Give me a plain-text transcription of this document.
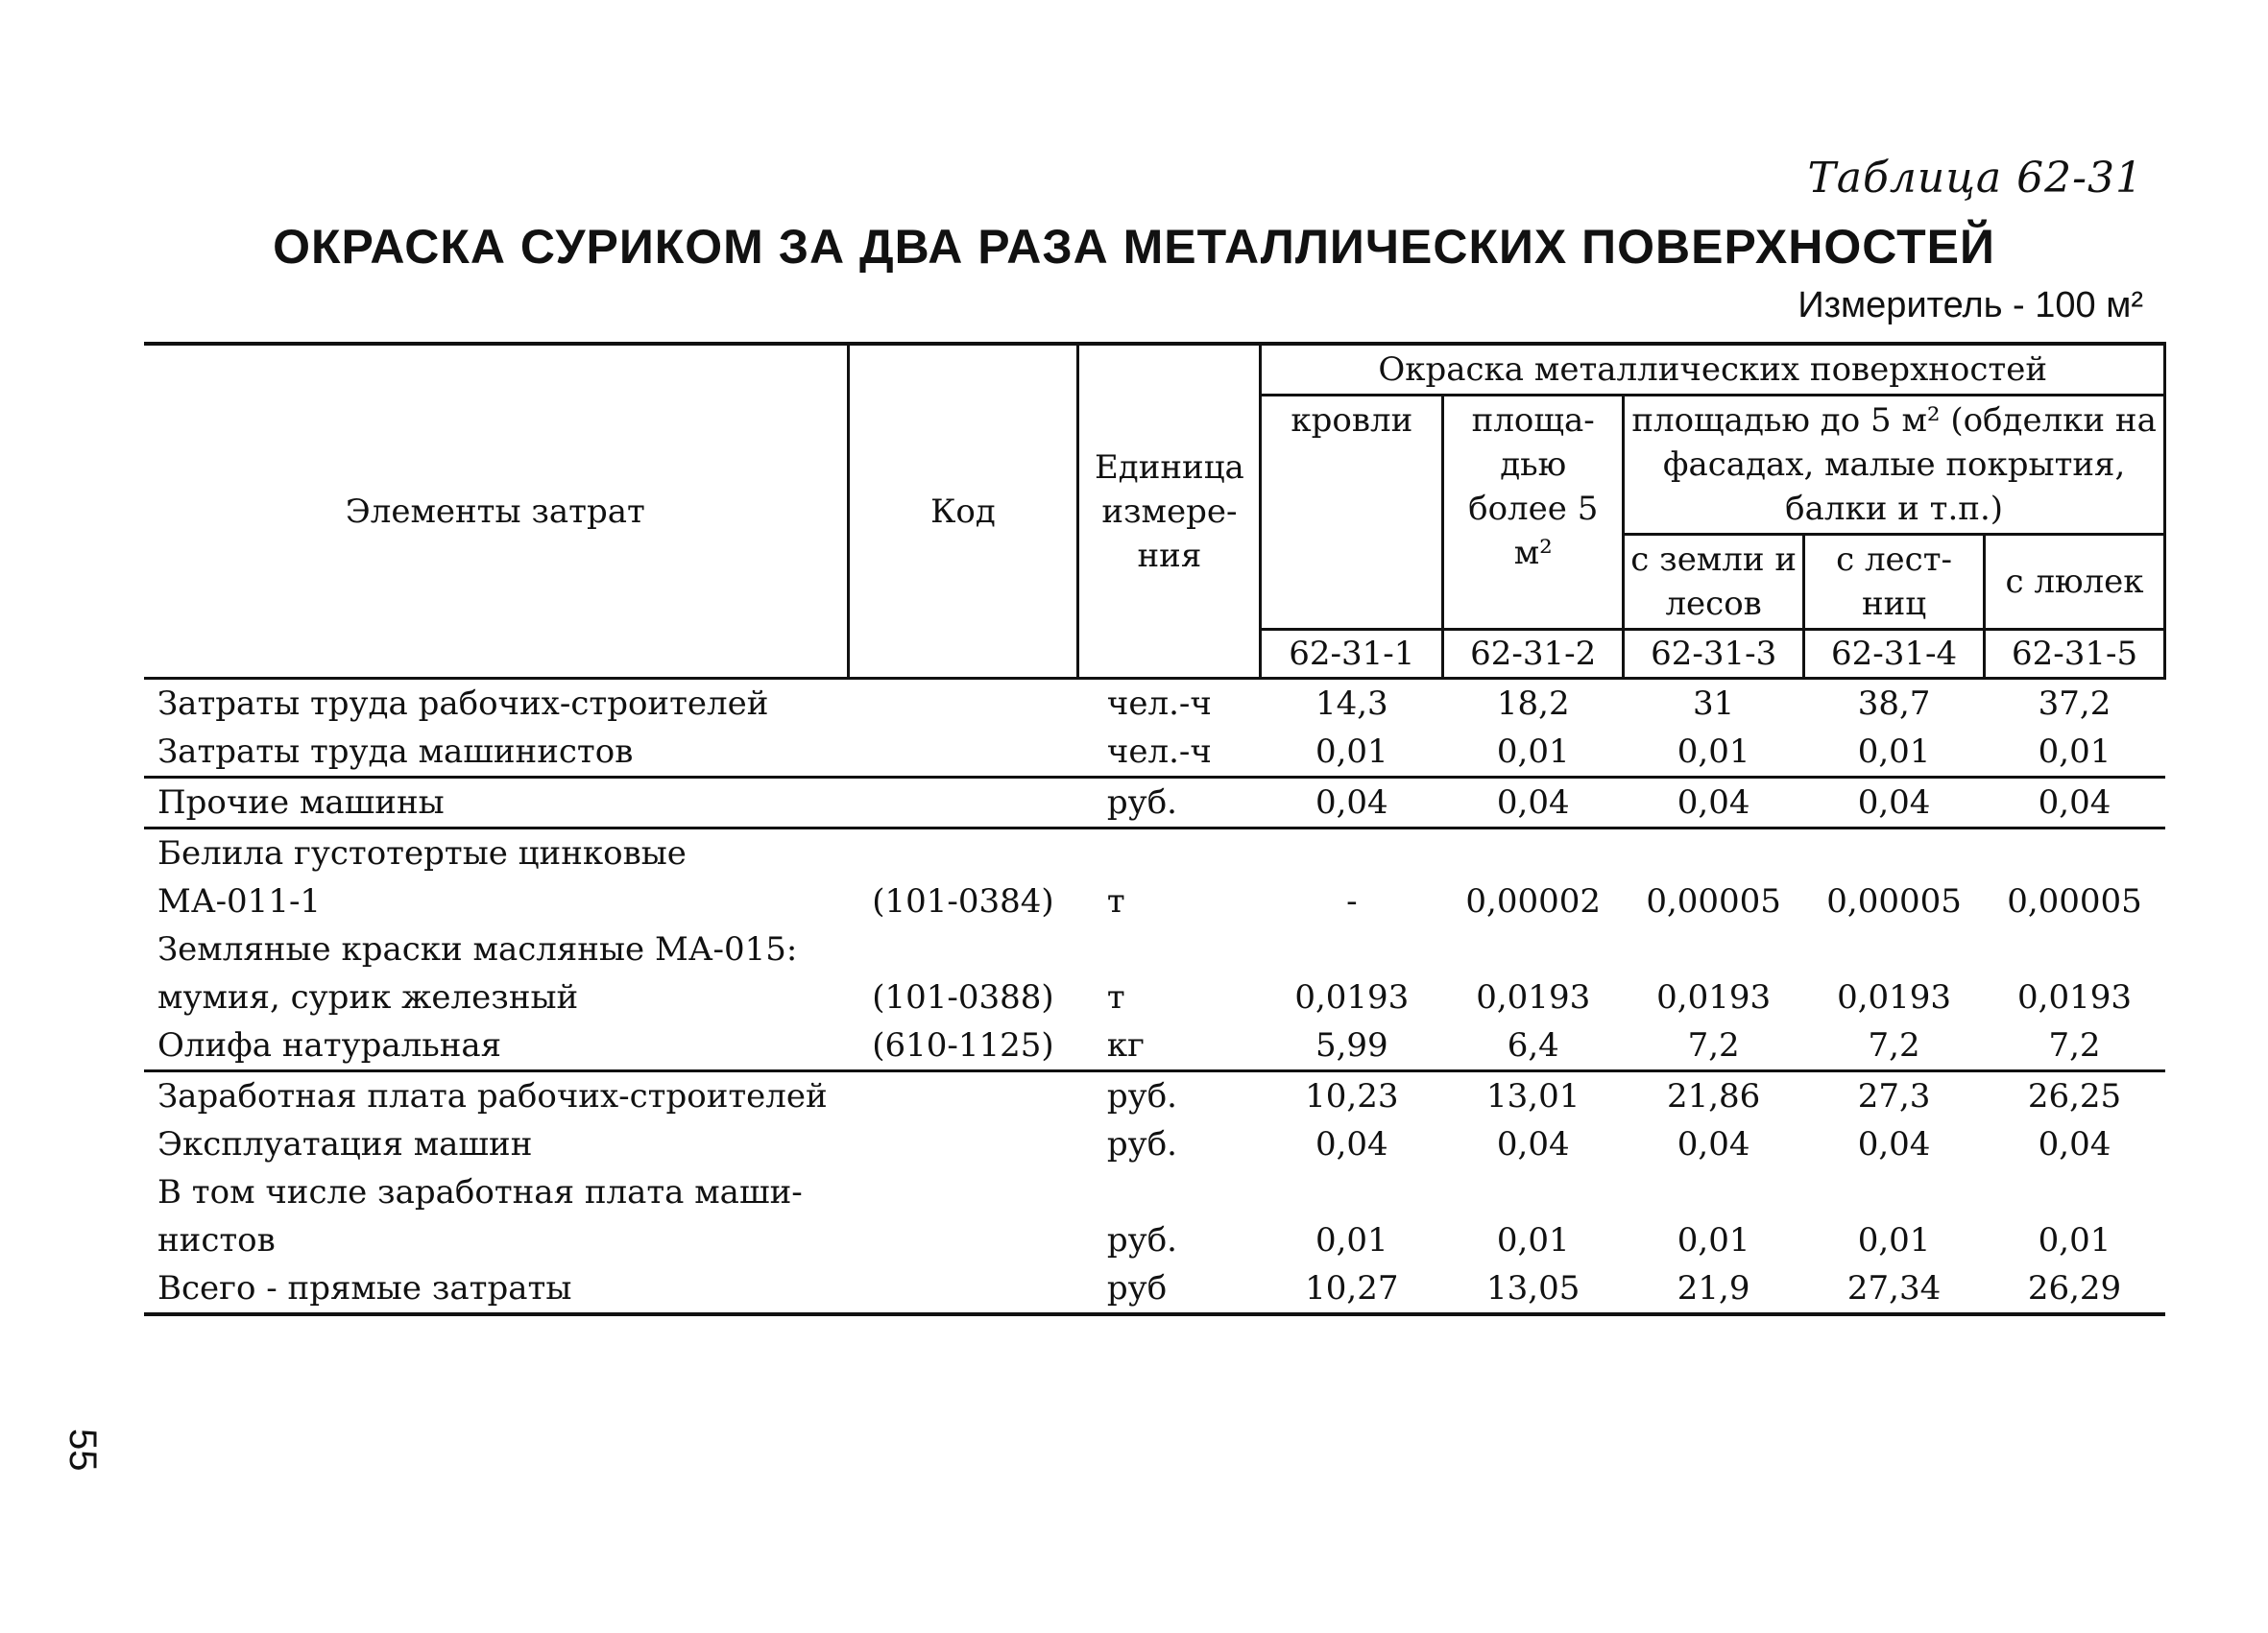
Таблица 62-31
ОКРАСКА СУРИКОМ ЗА ДВА РАЗА МЕТАЛЛИЧЕСКИХ ПОВЕРХНОСТЕЙ
Измеритель - 100 м²
Элементы затрат	Код	Единица измере-ния	Окраска металлических поверхностей				
			кровли	площа-дью более 5 м²	площадью до 5 м² (обделки на фасадах, малые покрытия, балки и т.п.)		
					с земли и лесов	с лест-ниц	с люлек
			62-31-1	62-31-2	62-31-3	62-31-4	62-31-5
Затраты труда рабочих-строителей		чел.-ч	14,3	18,2	31	38,7	37,2
Затраты труда машинистов		чел.-ч	0,01	0,01	0,01	0,01	0,01
Прочие машины		руб.	0,04	0,04	0,04	0,04	0,04
Белила густотертые цинковые							
МА-011-1	(101-0384)	т	-	0,00002	0,00005	0,00005	0,00005
Земляные краски масляные МА-015:							
мумия, сурик железный	(101-0388)	т	0,0193	0,0193	0,0193	0,0193	0,0193
Олифа натуральная	(610-1125)	кг	5,99	6,4	7,2	7,2	7,2
Заработная плата рабочих-строителей		руб.	10,23	13,01	21,86	27,3	26,25
Эксплуатация машин		руб.	0,04	0,04	0,04	0,04	0,04
В том числе заработная плата маши-							
нистов		руб.	0,01	0,01	0,01	0,01	0,01
Всего - прямые затраты		руб	10,27	13,05	21,9	27,34	26,29
55
